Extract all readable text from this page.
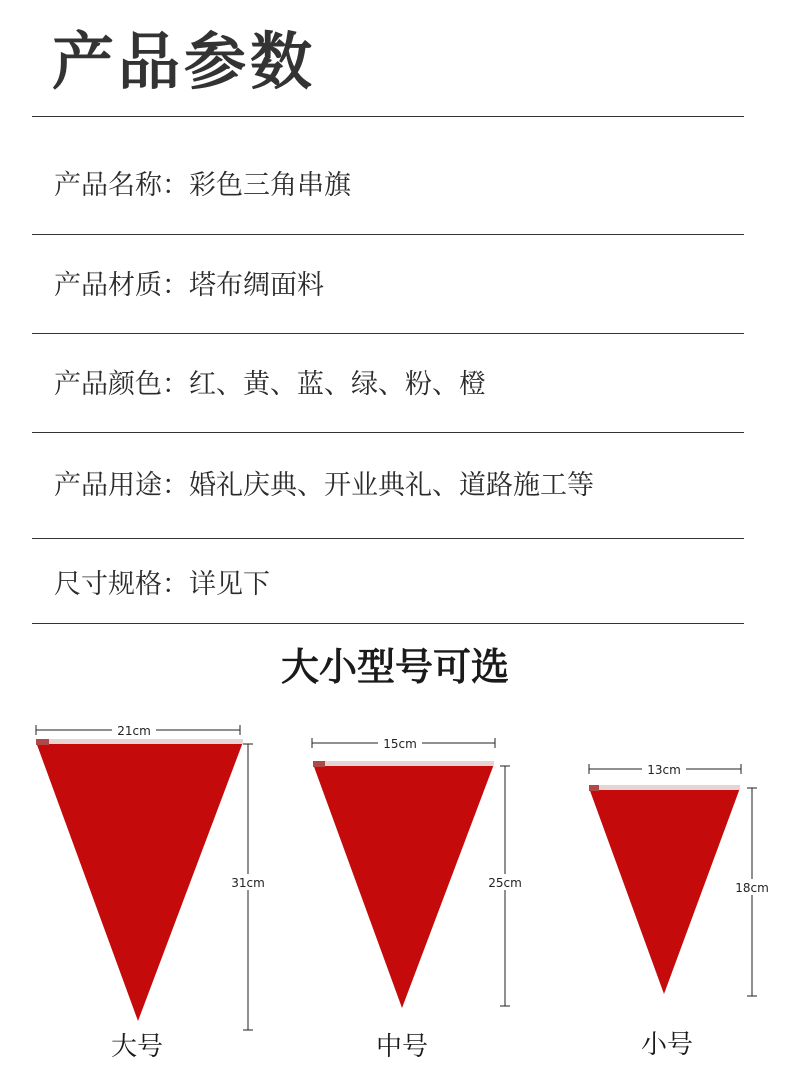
产品参数
产品名称：彩色三角串旗
产品材质：塔布绸面料
产品颜色：红、黄、蓝、绿、粉、橙
产品用途：婚礼庆典、开业典礼、道路施工等
尺寸规格：详见下
大小型号可选
21cm
31cm
大号
15cm
25cm
中号
13cm
18cm
小号
